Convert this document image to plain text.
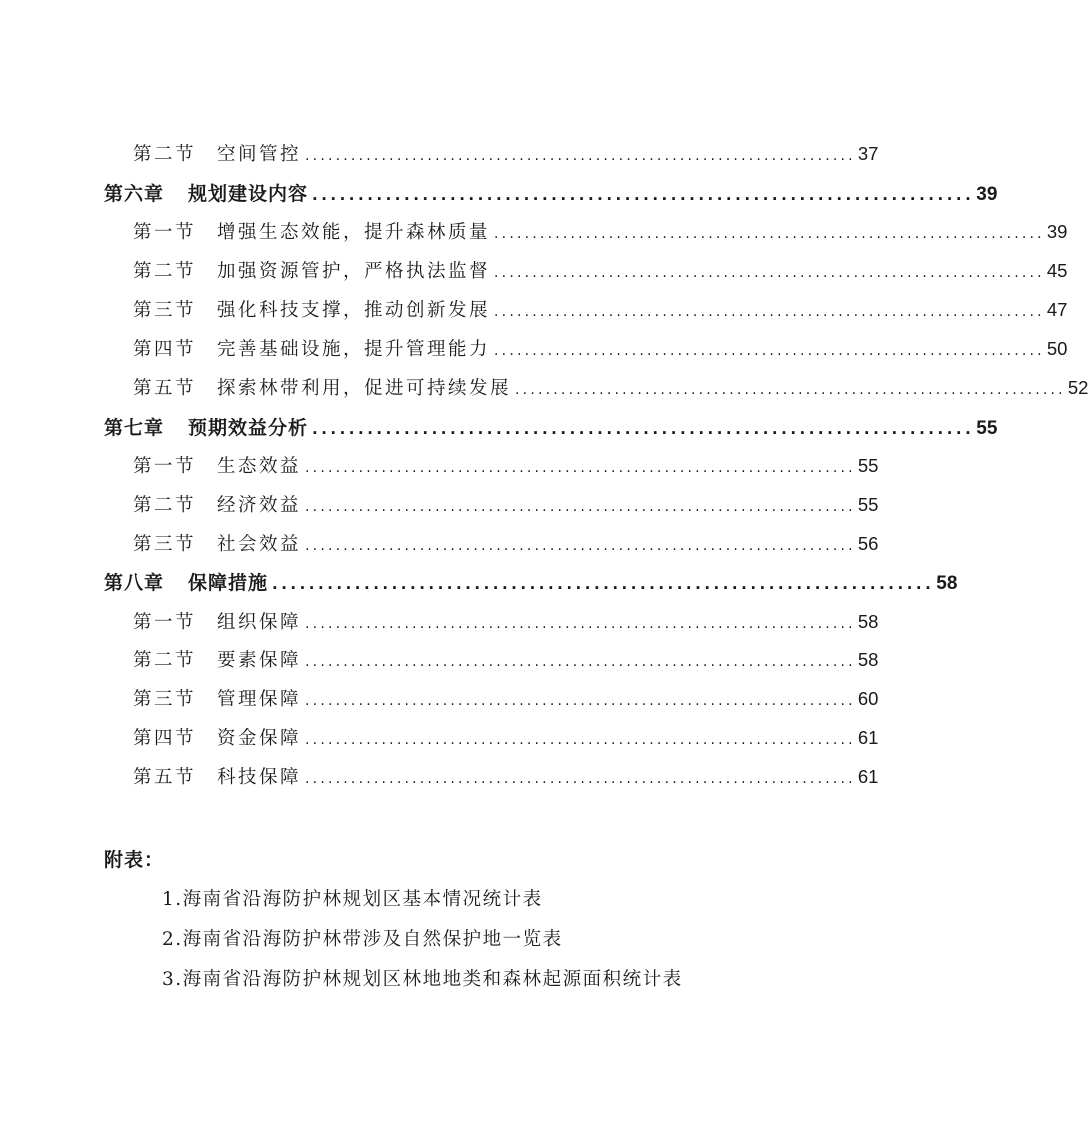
第二节	空间管控 ........................................................................ 37
第六章	规划建设内容 ........................................................................ 39
第一节	增强生态效能，提升森林质量 ........................................................................ 39
第二节	加强资源管护，严格执法监督 ........................................................................ 45
第三节	强化科技支撑，推动创新发展 ........................................................................ 47
第四节	完善基础设施，提升管理能力 ........................................................................ 50
第五节	探索林带利用，促进可持续发展 ........................................................................ 52
第七章	预期效益分析 ........................................................................ 55
第一节	生态效益 ........................................................................ 55
第二节	经济效益 ........................................................................ 55
第三节	社会效益 ........................................................................ 56
第八章	保障措施 ........................................................................ 58
第一节	组织保障 ........................................................................ 58
第二节	要素保障 ........................................................................ 58
第三节	管理保障 ........................................................................ 60
第四节	资金保障 ........................................................................ 61
第五节	科技保障 ........................................................................ 61
附表：
1.海南省沿海防护林规划区基本情况统计表
2.海南省沿海防护林带涉及自然保护地一览表
3.海南省沿海防护林规划区林地地类和森林起源面积统计表
